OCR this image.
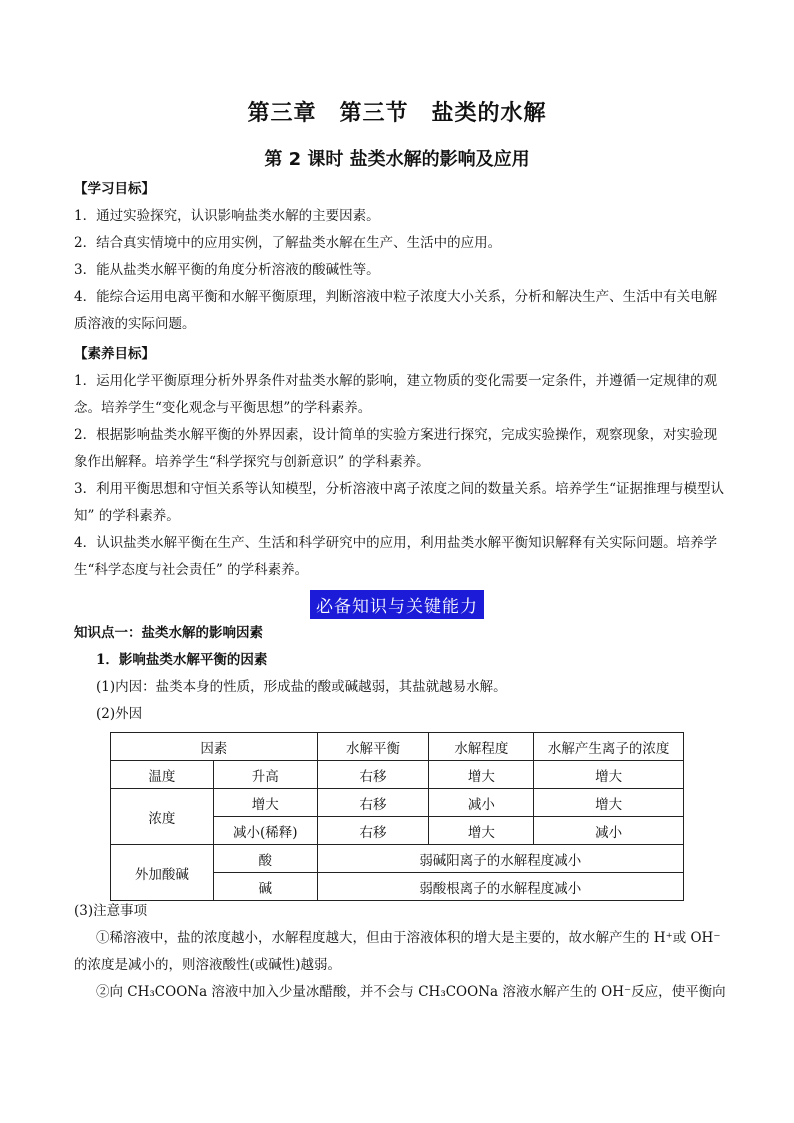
第三章　第三节　盐类的水解
第 2 课时 盐类水解的影响及应用

【学习目标】

1．通过实验探究，认识影响盐类水解的主要因素。

2．结合真实情境中的应用实例，了解盐类水解在生产、生活中的应用。

3．能从盐类水解平衡的角度分析溶液的酸碱性等。

4．能综合运用电离平衡和水解平衡原理，判断溶液中粒子浓度大小关系，分析和解决生产、生活中有关电解质溶液的实际问题。

【素养目标】

1．运用化学平衡原理分析外界条件对盐类水解的影响，建立物质的变化需要一定条件，并遵循一定规律的观念。培养学生“变化观念与平衡思想”的学科素养。

2．根据影响盐类水解平衡的外界因素，设计简单的实验方案进行探究，完成实验操作，观察现象，对实验现象作出解释。培养学生“科学探究与创新意识” 的学科素养。

3．利用平衡思想和守恒关系等认知模型，分析溶液中离子浓度之间的数量关系。培养学生“证据推理与模型认知” 的学科素养。

4．认识盐类水解平衡在生产、生活和科学研究中的应用，利用盐类水解平衡知识解释有关实际问题。培养学生“科学态度与社会责任” 的学科素养。

必备知识与关键能力

知识点一：盐类水解的影响因素

1．影响盐类水解平衡的因素

(1)内因：盐类本身的性质，形成盐的酸或碱越弱，其盐就越易水解。

(2)外因

因素		水解平衡	水解程度	水解产生离子的浓度
温度	升高	右移	增大	增大
浓度	增大	右移	减小	增大
	减小(稀释)	右移	增大	减小
外加酸碱	酸	弱碱阳离子的水解程度减小		
	碱	弱酸根离子的水解程度减小		

(3)注意事项

①稀溶液中，盐的浓度越小，水解程度越大，但由于溶液体积的增大是主要的，故水解产生的 H⁺或 OH⁻的浓度是减小的，则溶液酸性(或碱性)越弱。

②向 CH₃COONa 溶液中加入少量冰醋酸，并不会与 CH₃COONa 溶液水解产生的 OH⁻反应，使平衡向
